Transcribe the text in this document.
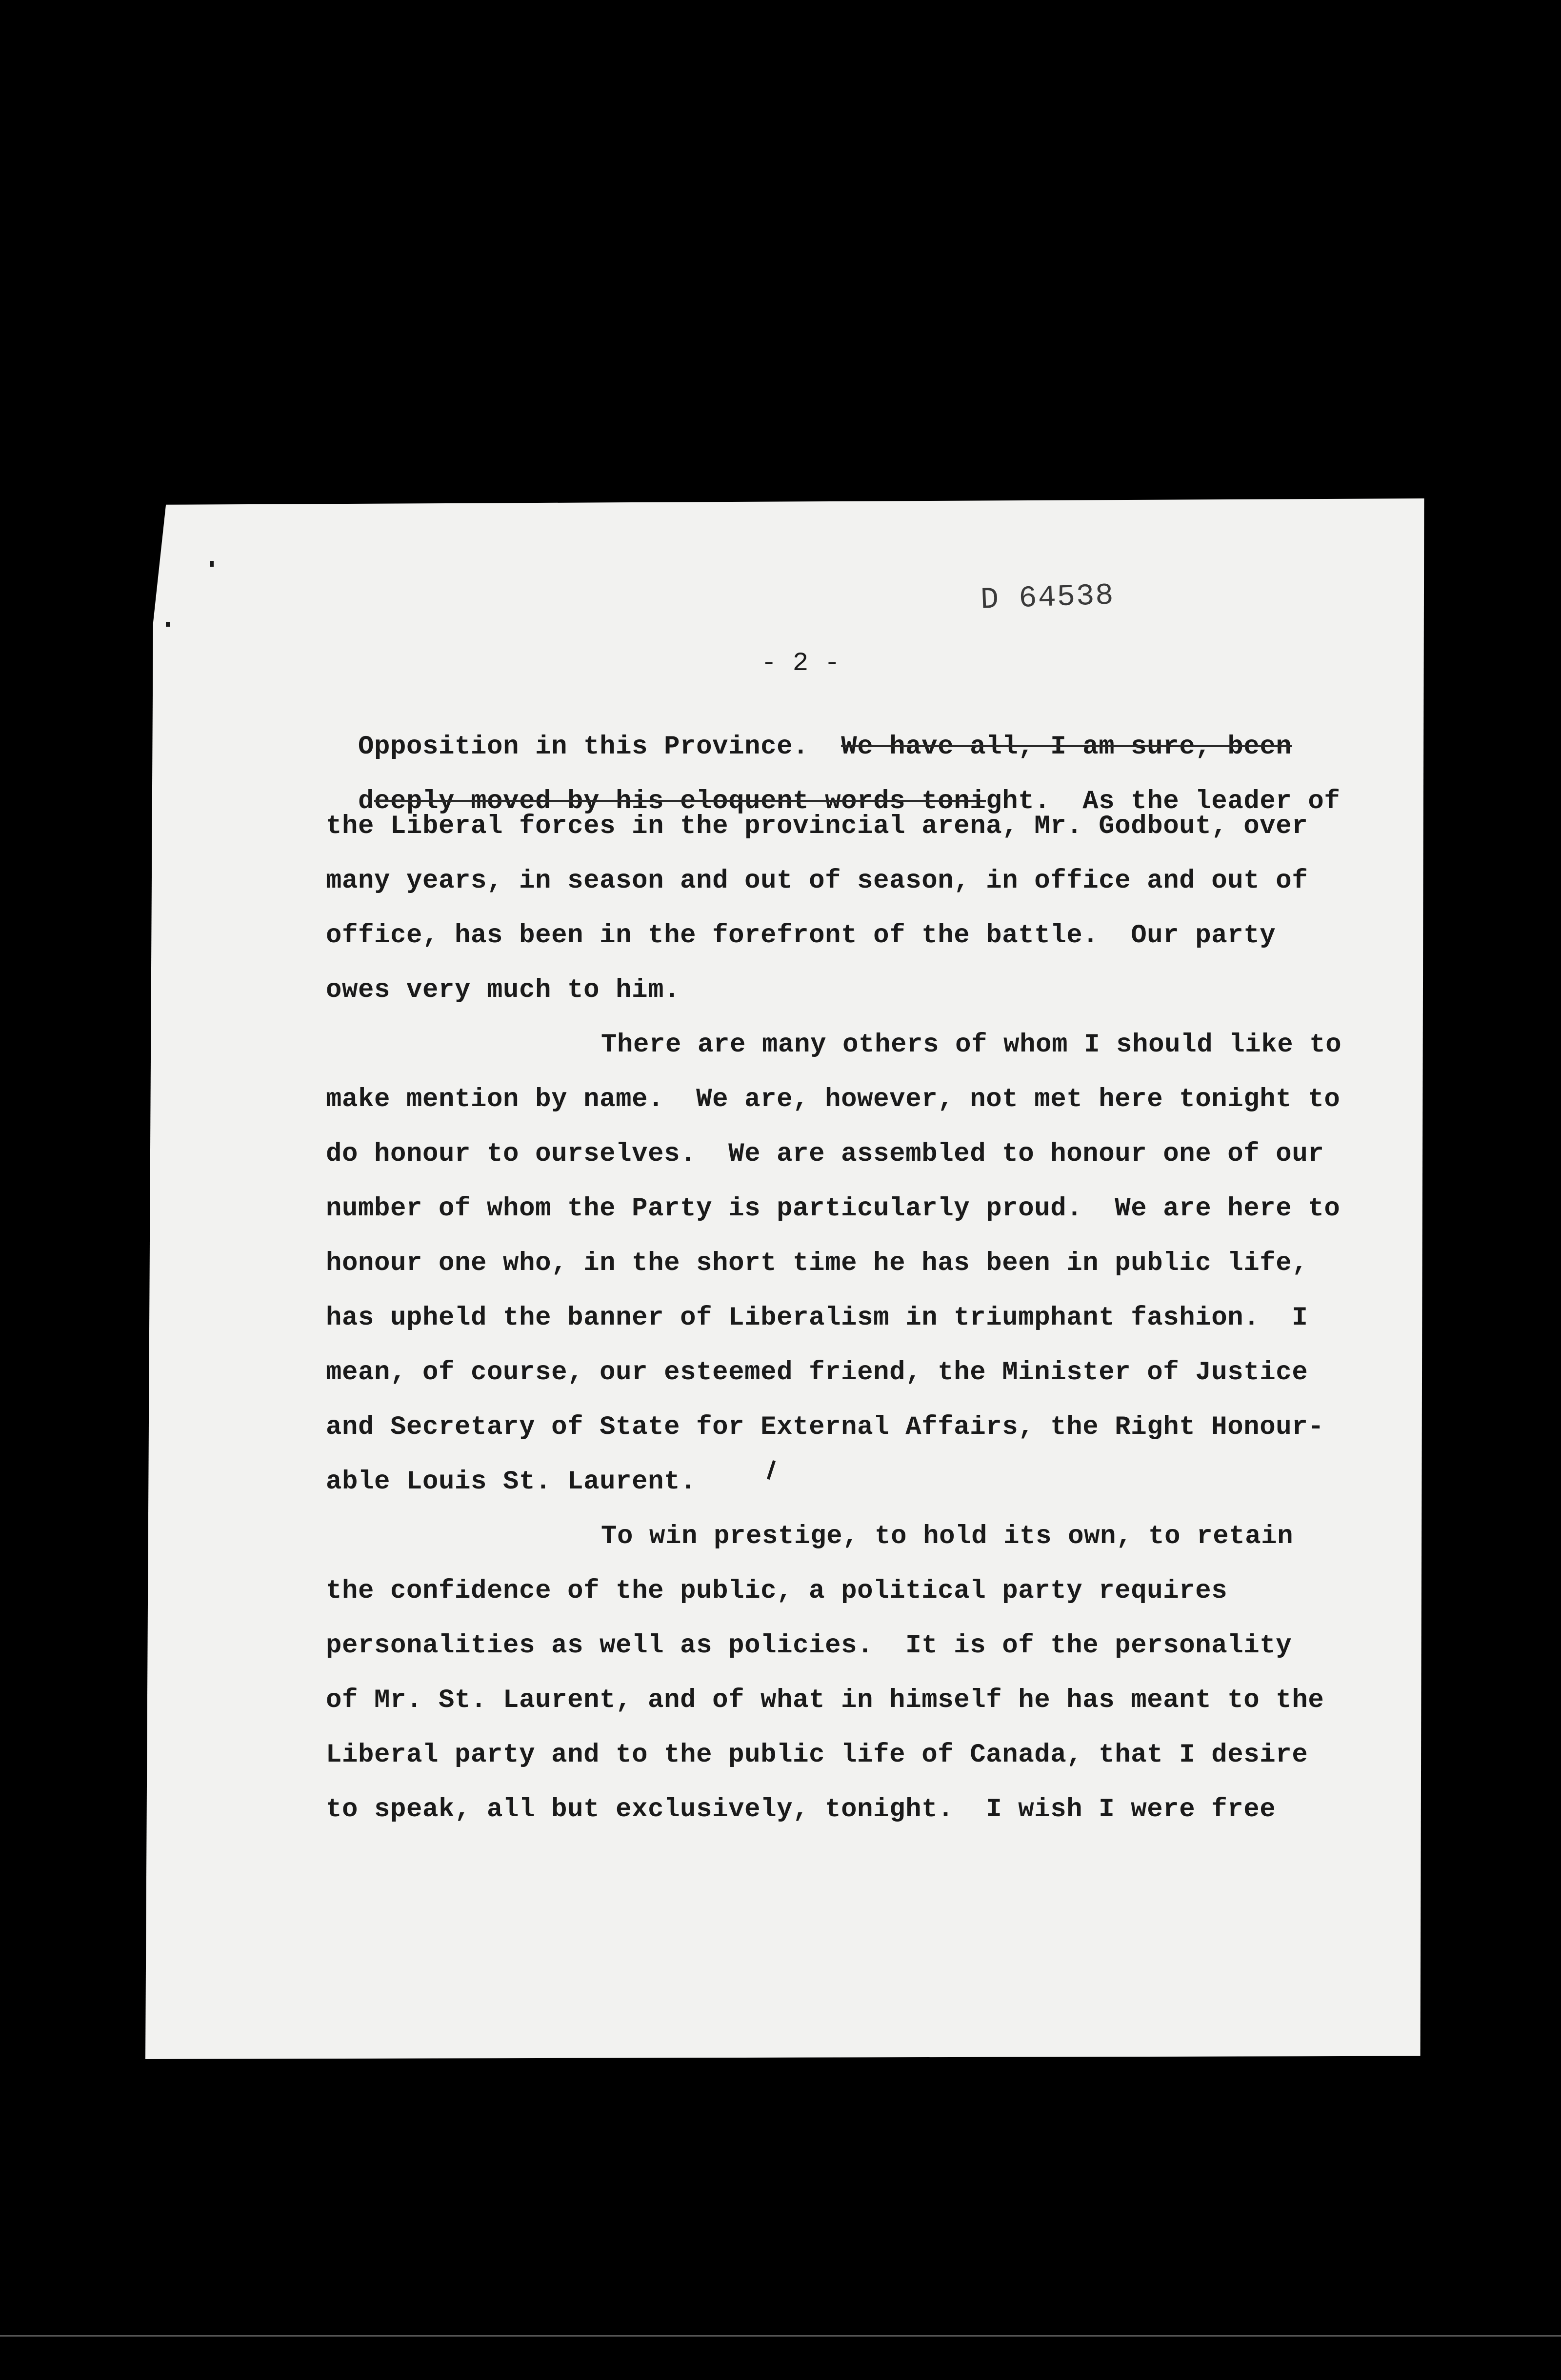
D 64538
- 2 -

Opposition in this Province.  We have all, I am sure, been

deeply moved by his eloquent words tonight.  As the leader of

the Liberal forces in the provincial arena, Mr. Godbout, over
many years, in season and out of season, in office and out of
office, has been in the forefront of the battle.  Our party
owes very much to him.
There are many others of whom I should like to
make mention by name.  We are, however, not met here tonight to
do honour to ourselves.  We are assembled to honour one of our
number of whom the Party is particularly proud.  We are here to
honour one who, in the short time he has been in public life,
has upheld the banner of Liberalism in triumphant fashion.  I
mean, of course, our esteemed friend, the Minister of Justice
and Secretary of State for External Affairs, the Right Honour-
able Louis St. Laurent.
To win prestige, to hold its own, to retain
the confidence of the public, a political party requires
personalities as well as policies.  It is of the personality
of Mr. St. Laurent, and of what in himself he has meant to the
Liberal party and to the public life of Canada, that I desire
to speak, all but exclusively, tonight.  I wish I were free
